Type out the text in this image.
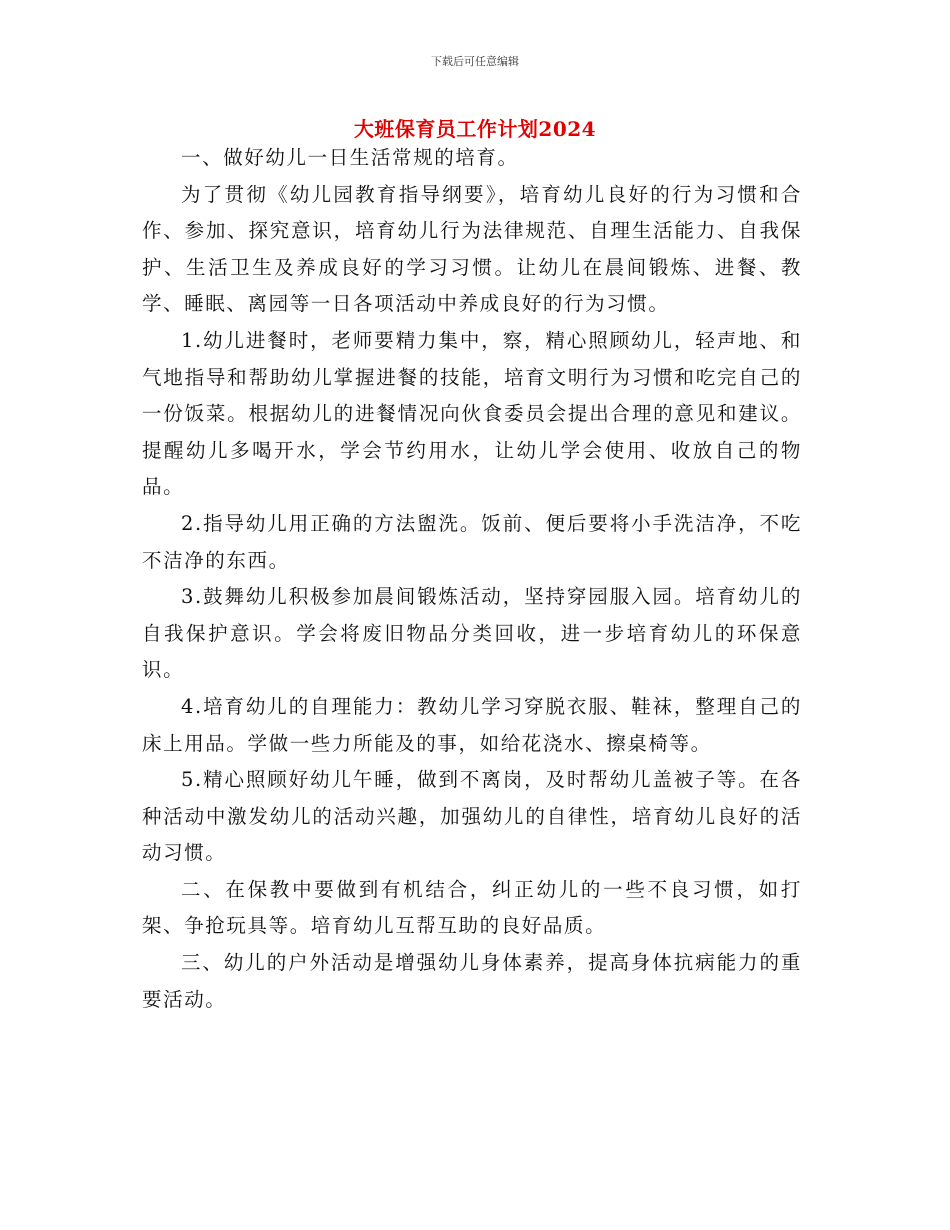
下载后可任意编辑
大班保育员工作计划2024

一、做好幼儿一日生活常规的培育。

为了贯彻《幼儿园教育指导纲要》，培育幼儿良好的行为习惯和合作、参加、探究意识，培育幼儿行为法律规范、自理生活能力、自我保护、生活卫生及养成良好的学习习惯。让幼儿在晨间锻炼、进餐、教学、睡眠、离园等一日各项活动中养成良好的行为习惯。

1.幼儿进餐时，老师要精力集中，察，精心照顾幼儿，轻声地、和气地指导和帮助幼儿掌握进餐的技能，培育文明行为习惯和吃完自己的一份饭菜。根据幼儿的进餐情况向伙食委员会提出合理的意见和建议。提醒幼儿多喝开水，学会节约用水，让幼儿学会使用、收放自己的物品。

2.指导幼儿用正确的方法盥洗。饭前、便后要将小手洗洁净，不吃不洁净的东西。

3.鼓舞幼儿积极参加晨间锻炼活动，坚持穿园服入园。培育幼儿的自我保护意识。学会将废旧物品分类回收，进一步培育幼儿的环保意识。

4.培育幼儿的自理能力：教幼儿学习穿脱衣服、鞋袜，整理自己的床上用品。学做一些力所能及的事，如给花浇水、擦桌椅等。

5.精心照顾好幼儿午睡，做到不离岗，及时帮幼儿盖被子等。在各种活动中激发幼儿的活动兴趣，加强幼儿的自律性，培育幼儿良好的活动习惯。

二、在保教中要做到有机结合，纠正幼儿的一些不良习惯，如打架、争抢玩具等。培育幼儿互帮互助的良好品质。

三、幼儿的户外活动是增强幼儿身体素养，提高身体抗病能力的重要活动。
